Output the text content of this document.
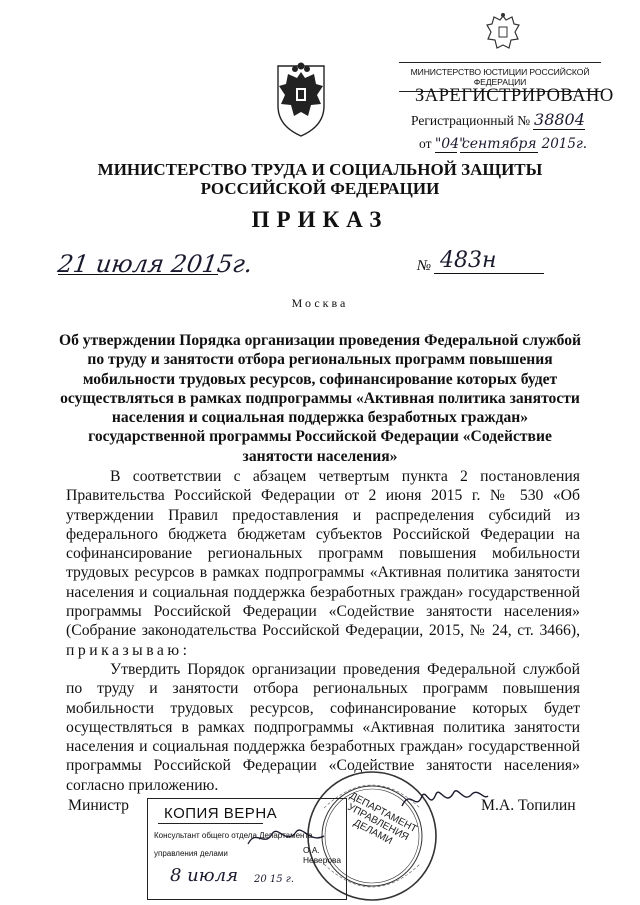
МИНИСТЕРСТВО ЮСТИЦИИ РОССИЙСКОЙ ФЕДЕРАЦИИ
ЗАРЕГИСТРИРОВАНО
Регистрационный № 38804
от "04" сентября 2015г.
МИНИСТЕРСТВО ТРУДА И СОЦИАЛЬНОЙ ЗАЩИТЫ
РОССИЙСКОЙ ФЕДЕРАЦИИ
ПРИКАЗ
21 июля 2015г.	№ 483н
Москва
Об утверждении Порядка организации проведения Федеральной службой
по труду и занятости отбора региональных программ повышения
мобильности трудовых ресурсов, софинансирование которых будет
осуществляться в рамках подпрограммы «Активная политика занятости
населения и социальная поддержка безработных граждан»
государственной программы Российской Федерации «Содействие
занятости населения»

В соответствии с абзацем четвертым пункта 2 постановления Правительства Российской Федерации от 2 июня 2015 г. № 530 «Об утверждении Правил предоставления и распределения субсидий из федерального бюджета бюджетам субъектов Российской Федерации на софинансирование региональных программ повышения мобильности трудовых ресурсов в рамках подпрограммы «Активная политика занятости населения и социальная поддержка безработных граждан» государственной программы Российской Федерации «Содействие занятости населения» (Собрание законодательства Российской Федерации, 2015, № 24, ст. 3466), приказываю:

Утвердить Порядок организации проведения Федеральной службой по труду и занятости отбора региональных программ повышения мобильности трудовых ресурсов, софинансирование которых будет осуществляться в рамках подпрограммы «Активная политика занятости населения и социальная поддержка безработных граждан» государственной программы Российской Федерации «Содействие занятости населения» согласно приложению.

Министр	М.А. Топилин
ДЕПАРТАМЕНТ УПРАВЛЕНИЯ ДЕЛАМИ
КОПИЯ ВЕРНА
Консультант общего отдела Департамента
управления делами	О.А. Неверова
8 июля 20 15 г.
